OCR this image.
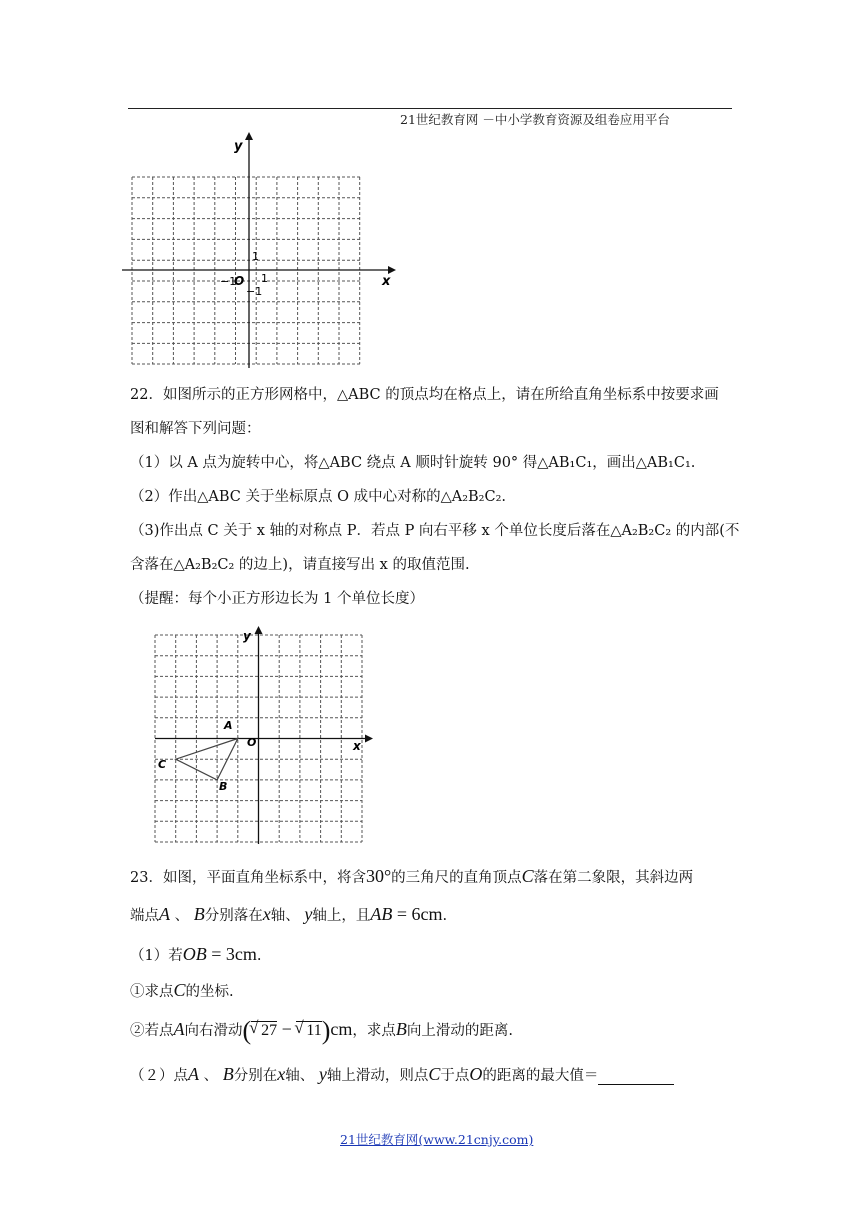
21世纪教育网 －中小学教育资源及组卷应用平台
y
x
O
1
1
−1
−1
22．如图所示的正方形网格中，△ABC 的顶点均在格点上，请在所给直角坐标系中按要求画
图和解答下列问题：
（1）以 A 点为旋转中心，将△ABC 绕点 A 顺时针旋转 90° 得△AB₁C₁，画出△AB₁C₁.
（2）作出△ABC 关于坐标原点 O 成中心对称的△A₂B₂C₂.
（3)作出点 C 关于 x 轴的对称点 P．若点 P 向右平移 x 个单位长度后落在△A₂B₂C₂ 的内部(不
含落在△A₂B₂C₂ 的边上)，请直接写出 x 的取值范围.
（提醒：每个小正方形边长为 1 个单位长度）
y
x
O
A
B
C
23．如图，平面直角坐标系中，将含30°的三角尺的直角顶点C落在第二象限，其斜边两
端点A 、 B分别落在x轴、 y轴上，且AB = 6cm.
（1）若OB = 3cm.
①求点C的坐标.
②若点A向右滑动(√ 27 − √ 11)cm，求点B向上滑动的距离.
（２）点A 、 B分别在x轴、 y轴上滑动，则点C于点O的距离的最大值＝
21世纪教育网(www.21cnjy.com)
